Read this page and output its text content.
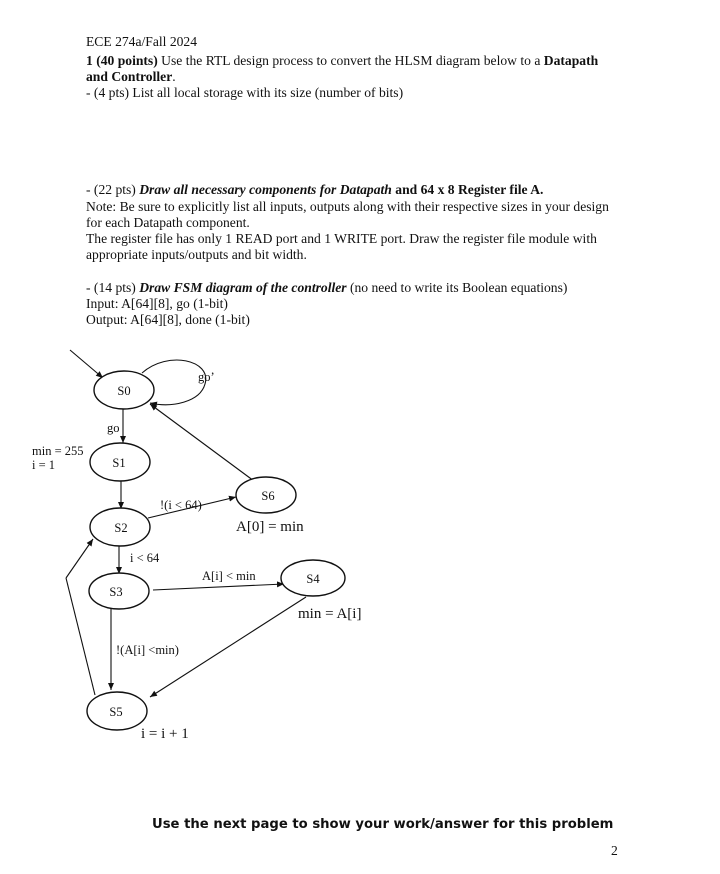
ECE 274a/Fall 2024
1 (40 points) Use the RTL design process to convert the HLSM diagram below to a Datapath
and Controller.
- (4 pts) List all local storage with its size (number of bits)
- (22 pts) Draw all necessary components for Datapath and 64 x 8 Register file A.
Note: Be sure to explicitly list all inputs, outputs along with their respective sizes in your design
for each Datapath component.
The register file has only 1 READ port and 1 WRITE port. Draw the register file module with
appropriate inputs/outputs and bit width.
- (14 pts) Draw FSM diagram of the controller (no need to write its Boolean equations)
Input: A[64][8], go (1-bit)
Output: A[64][8], done (1-bit)
S0
S1
S2
S3
S5
S6
S4
go’
go
min = 255
i = 1
!(i < 64)
A[0] = min
i < 64
A[i] < min
min = A[i]
!(A[i] <min)
i = i + 1
Use the next page to show your work/answer for this problem
2
